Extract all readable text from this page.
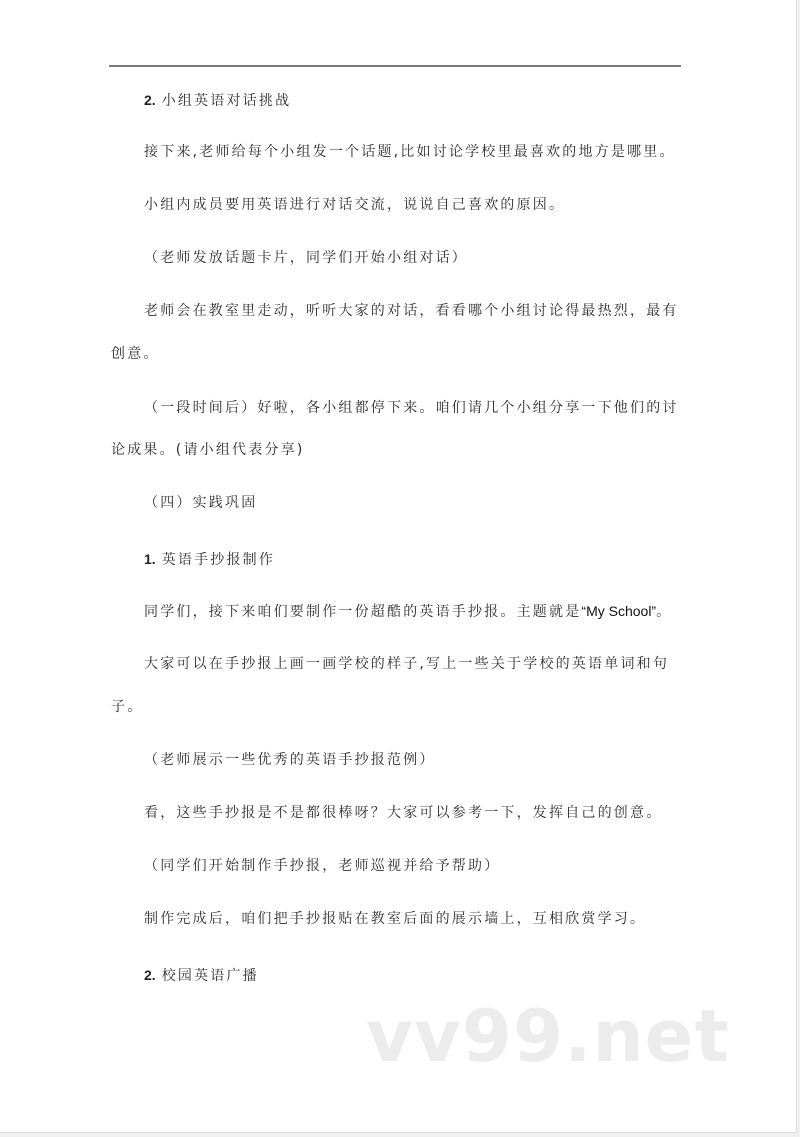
2. 小组英语对话挑战
接下来,老师给每个小组发一个话题,比如讨论学校里最喜欢的地方是哪里。
小组内成员要用英语进行对话交流，说说自己喜欢的原因。
（老师发放话题卡片，同学们开始小组对话）
老师会在教室里走动，听听大家的对话，看看哪个小组讨论得最热烈，最有
创意。
（一段时间后）好啦，各小组都停下来。咱们请几个小组分享一下他们的讨
论成果。(请小组代表分享)
（四）实践巩固
1. 英语手抄报制作
同学们，接下来咱们要制作一份超酷的英语手抄报。主题就是“My School”。
大家可以在手抄报上画一画学校的样子,写上一些关于学校的英语单词和句
子。
（老师展示一些优秀的英语手抄报范例）
看，这些手抄报是不是都很棒呀？大家可以参考一下，发挥自己的创意。
（同学们开始制作手抄报，老师巡视并给予帮助）
制作完成后，咱们把手抄报贴在教室后面的展示墙上，互相欣赏学习。
2. 校园英语广播
vv99.net
